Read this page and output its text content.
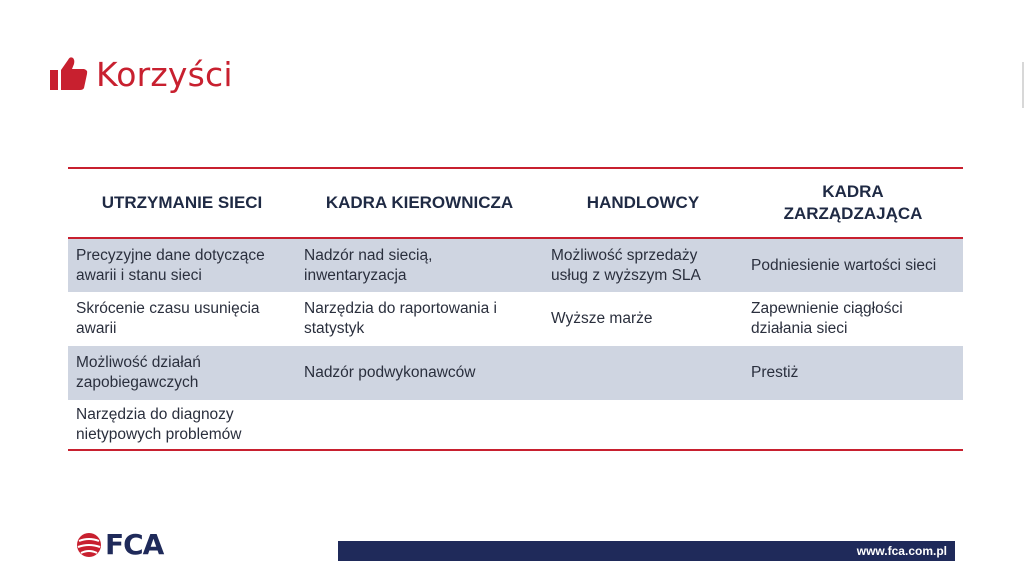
Korzyści
UTRZYMANIE SIECI	KADRA KIEROWNICZA	HANDLOWCY	KADRA ZARZĄDZAJĄCA
Precyzyjne dane dotyczące awarii i stanu sieci	Nadzór nad siecią, inwentaryzacja	Możliwość sprzedaży usług z wyższym SLA	Podniesienie wartości sieci
Skrócenie czasu usunięcia awarii	Narzędzia do raportowania i statystyk	Wyższe marże	Zapewnienie ciągłości działania sieci
Możliwość działań zapobiegawczych	Nadzór podwykonawców		Prestiż
Narzędzia do diagnozy nietypowych problemów			
FCA	www.fca.com.pl
